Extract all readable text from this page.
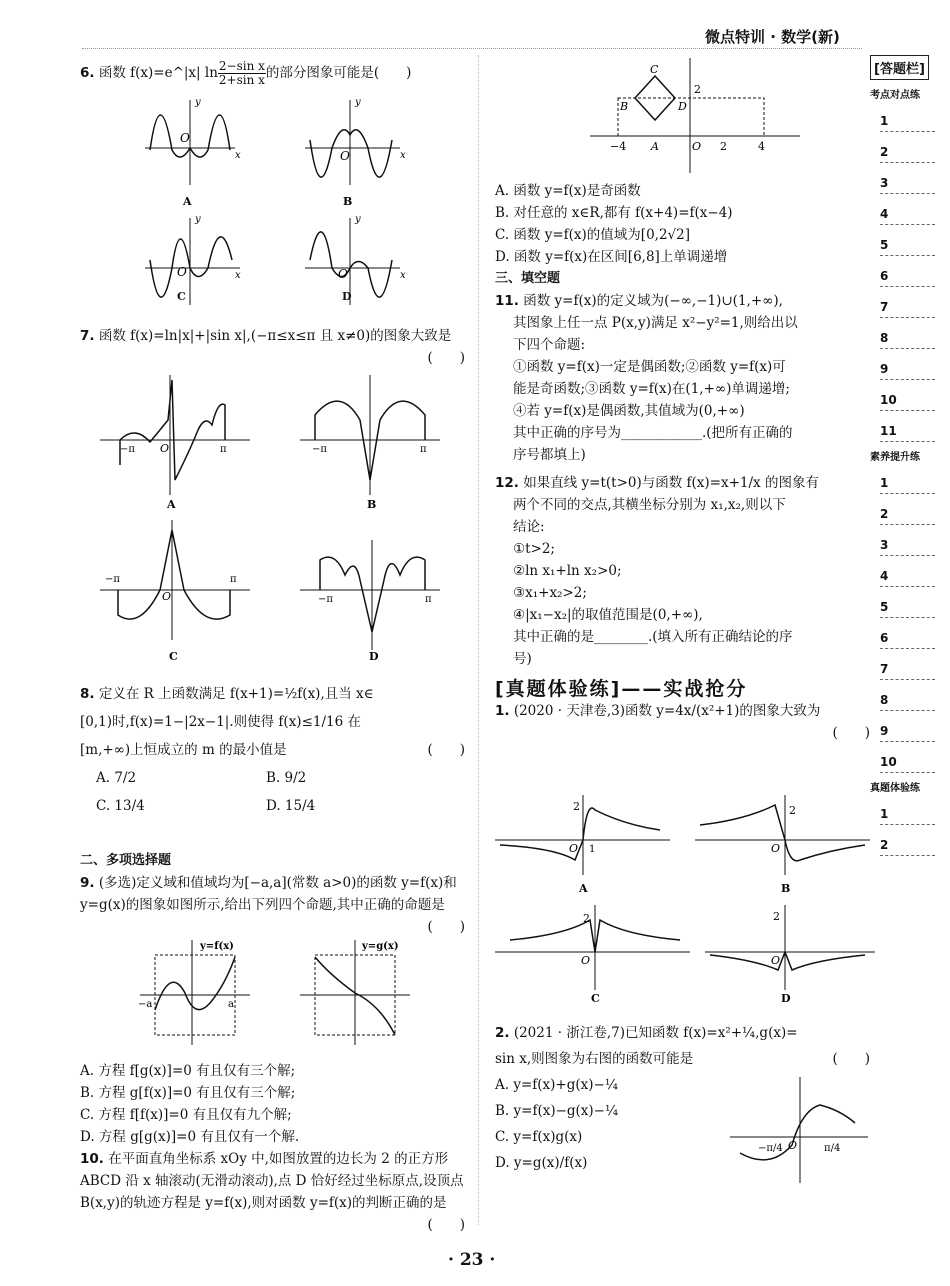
微点特训 · 数学(新)

6. 函数 f(x)=e^|x| $\ln \frac{\text{2−sin x}}{\text{2+sin x}}$ 的部分图象可能是(　　)

O
y
x
A
O
y
x
B
O
y
x	O
y
x
C	D

7. 函数 f(x)=ln|x|+|sin x|,(−π≤x≤π 且 x≠0)的图象大致是
(　　)

−π O	π
A
−π	π
B
−π	π
O
C
−π	π
D

8. 定义在 R 上函数满足 f(x+1)=½f(x),且当 x∈

[0,1)时,f(x)=1−|2x−1|.则使得 f(x)≤1/16 在

[m,+∞)上恒成立的 m 的最小值是	(　　)

A. 7/2	B. 9/2

C. 13/4	D. 15/4

二、多项选择题

9. (多选)定义域和值域均为[−a,a](常数 a>0)的函数 y=f(x)和 y=g(x)的图象如图所示,给出下列四个命题,其中正确的命题是
(　　)

y=f(x)
−a	a
y=g(x)

A. 方程 f[g(x)]=0 有且仅有三个解;

B. 方程 g[f(x)]=0 有且仅有三个解;

C. 方程 f[f(x)]=0 有且仅有九个解;

D. 方程 g[g(x)]=0 有且仅有一个解.

10. 在平面直角坐标系 xOy 中,如图放置的边长为 2 的正方形 ABCD 沿 x 轴滚动(无滑动滚动),点 D 恰好经过坐标原点,设顶点 B(x,y)的轨迹方程是 y=f(x),则对函数 y=f(x)的判断正确的是
(　　)

C
B	D
A
−4	2	4
2
O

A. 函数 y=f(x)是奇函数

B. 对任意的 x∈R,都有 f(x+4)=f(x−4)

C. 函数 y=f(x)的值域为[0,2√2]

D. 函数 y=f(x)在区间[6,8]上单调递增

三、填空题

11. 函数 y=f(x)的定义域为(−∞,−1)∪(1,+∞),

其图象上任一点 P(x,y)满足 x²−y²=1,则给出以

下四个命题:

①函数 y=f(x)一定是偶函数;②函数 y=f(x)可

能是奇函数;③函数 y=f(x)在(1,+∞)单调递增;

④若 y=f(x)是偶函数,其值域为(0,+∞)

其中正确的序号为____________.(把所有正确的

序号都填上)

12. 如果直线 y=t(t>0)与函数 f(x)=x+1/x 的图象有

两个不同的交点,其横坐标分别为 x₁,x₂,则以下

结论:

①t>2;

②ln x₁+ln x₂>0;

③x₁+x₂>2;

④|x₁−x₂|的取值范围是(0,+∞),

其中正确的是________.(填入所有正确结论的序

号)

[真题体验练]——实战抢分

1. (2020 · 天津卷,3)函数 y=4x/(x²+1)的图象大致为

(　　)

2
O 1
A
2
O
B
2
O
C
2
O
D

2. (2021 · 浙江卷,7)已知函数 f(x)=x²+¼,g(x)=

sin x,则图象为右图的函数可能是	(　　)

A. y=f(x)+g(x)−¼

B. y=f(x)−g(x)−¼

C. y=f(x)g(x)

D. y=g(x)/f(x)

−π/4	π/4
O
[答题栏]
考点对点练
1
2
3
4
5
6
7
8
9
10
11
素养提升练
1
2
3
4
5
6
7
8
9
10
真题体验练
1
2
· 23 ·
